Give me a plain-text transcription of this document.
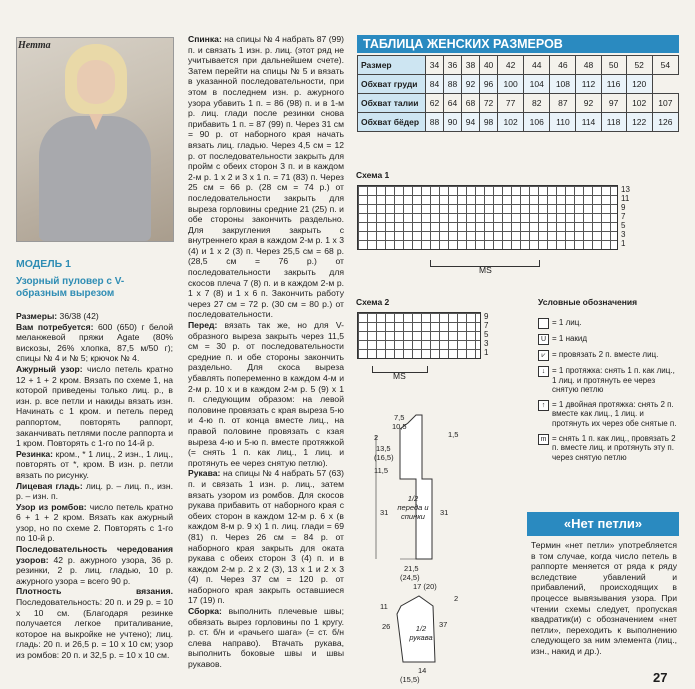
Нетта
МОДЕЛЬ 1
Узорный пуловер с V-образным вырезом

Размеры: 36/38 (42)

Вам потребуется: 600 (650) г белой меланжевой пряжи Agate (80% вискозы, 26% хлопка, 87,5 м/50 г); спицы № 4 и № 5; крючок № 4.

Ажурный узор: число петель кратно 12 + 1 + 2 кром. Вязать по схеме 1, на которой приведены только лиц. р., в изн. р. все петли и накиды вязать изн. Начинать с 1 кром. и петель перед раппортом, повторять раппорт, заканчивать петлями после раппорта и 1 кром. Повторять с 1-го по 14-й р.

Резинка: кром., * 1 лиц., 2 изн., 1 лиц., повторять от *, кром. В изн. р. петли вязать по рисунку.

Лицевая гладь: лиц. р. – лиц. п., изн. р. – изн. п.

Узор из ромбов: число петель кратно 6 + 1 + 2 кром. Вязать как ажурный узор, но по схеме 2. Повторять с 1-го по 10-й р.

Последовательность чередования узоров: 42 р. ажурного узора, 36 р. резинки, 2 р. лиц. гладью, 10 р. ажурного узора = всего 90 р.

Плотность вязания. Последовательность: 20 п. и 29 р. = 10 х 10 см. (Благодаря резинке получается легкое приталивание, которое на выкройке не учтено); лиц. гладь: 20 п. и 26,5 р. = 10 х 10 см; узор из ромбов: 20 п. и 32,5 р. = 10 х 10 см.

Спинка: на спицы № 4 набрать 87 (99) п. и связать 1 изн. р. лиц. (этот ряд не учитывается при дальнейшем счете). Затем перейти на спицы № 5 и вязать в указанной последовательности, при этом в последнем изн. р. ажурного узора убавить 1 п. = 86 (98) п. и в 1-м р. лиц. глади после резинки снова прибавить 1 п. = 87 (99) п. Через 31 см = 90 р. от наборного края начать вязать лиц. гладью. Через 4,5 см = 12 р. от последовательности закрыть для пройм с обеих сторон 3 п. и в каждом 2-м р. 1 х 2 и 3 х 1 п. = 71 (83) п. Через 25 см = 66 р. (28 см = 74 р.) от последовательности закрыть для выреза горловины средние 21 (25) п. и обе стороны закончить раздельно. Для закругления закрыть с внутреннего края в каждом 2-м р. 1 х 3 (4) и 1 х 2 (3) п. Через 25,5 см = 68 р. (28,5 см = 76 р.) от последовательности закрыть для скосов плеча 7 (8) п. и в каждом 2-м р. 1 х 7 (8) и 1 х 6 п. Закончить работу через 27 см = 72 р. (30 см = 80 р.) от последовательности.

Перед: вязать так же, но для V-образного выреза закрыть через 11,5 см = 30 р. от последовательности средние п. и обе стороны закончить раздельно. Для скоса выреза убавлять попеременно в каждом 4-м и 2-м р. 10 х и в каждом 2-м р. 5 (9) х 1 п. следующим образом: на левой половине провязать с края выреза 5-ю и 4-ю п. от конца вместе лиц., на правой половине провязать с кзая выреза 4-ю и 5-ю п. вместе протяжкой (= снять 1 п. как лиц., 1 лиц. и протянуть ее через снятую петлю).

Рукава: на спицы № 4 набрать 57 (63) п. и связать 1 изн. р. лиц., затем вязать узором из ромбов. Для скосов рукава прибавить от наборного края с обеих сторон в каждом 12-м р. 6 х (в каждом 8-м р. 9 х) 1 п. лиц. глади = 69 (81) п. Через 26 см = 84 р. от наборного края закрыть для оката рукава с обеих сторон 3 (4) п. и в каждом 2-м р. 2 х 2 (3), 13 х 1 и 2 х 3 (4) п. Через 37 см = 120 р. от наборного края закрыть оставшиеся 17 (19) п.

Сборка: выполнить плечевые швы; обвязать вырез горловины по 1 кругу. р. ст. б/н и «рачьего шага» (= ст. б/н слева направо). Втачать рукава, выполнить боковые швы и швы рукавов.

ТАБЛИЦА ЖЕНСКИХ РАЗМЕРОВ
Размер	34	36	38	40	42	44	46	48	50	52	54
Обхват груди	84	88	92	96	100	104	108	112	116	120	
Обхват талии	62	64	68	72	77	82	87	92	97	102	107
Обхват бёдер	88	90	94	98	102	106	110	114	118	122	126
Схема 1
13
11
9
7
5
3
1
MS
Схема 2
9
7
5
3
1
MS
Условные обозначения
= 1 лиц.
U = 1 накид
⩗ = провязать 2 п. вместе лиц.
↓ = 1 протяжка: снять 1 п. как лиц., 1 лиц. и протянуть ее через снятую петлю
↑ = 1 двойная протяжка: снять 2 п. вместе как лиц., 1 лиц. и протянуть их через обе снятые п.
m = снять 1 п. как лиц., провязать 2 п. вместе лиц. и протянуть эту п. через снятую петлю
7,5
10,5
2	1,5
13,5
(16,5)
11,5
31	31
1/2 переда и спинки
21,5
(24,5)
17 (20)
11
2
26	37
1/2 рукава
14
(15,5)
«Нет петли»
Термин «нет петли» употребляется в том случае, когда число петель в раппорте меняется от ряда к ряду вследствие убавлений и прибавлений, происходящих в процессе вывязывания узора. При чтении схемы следует, пропуская квадратик(и) с обозначением «нет петли», переходить к выполнению следующего за ним элемента (лиц., изн., накид и др.).
27
